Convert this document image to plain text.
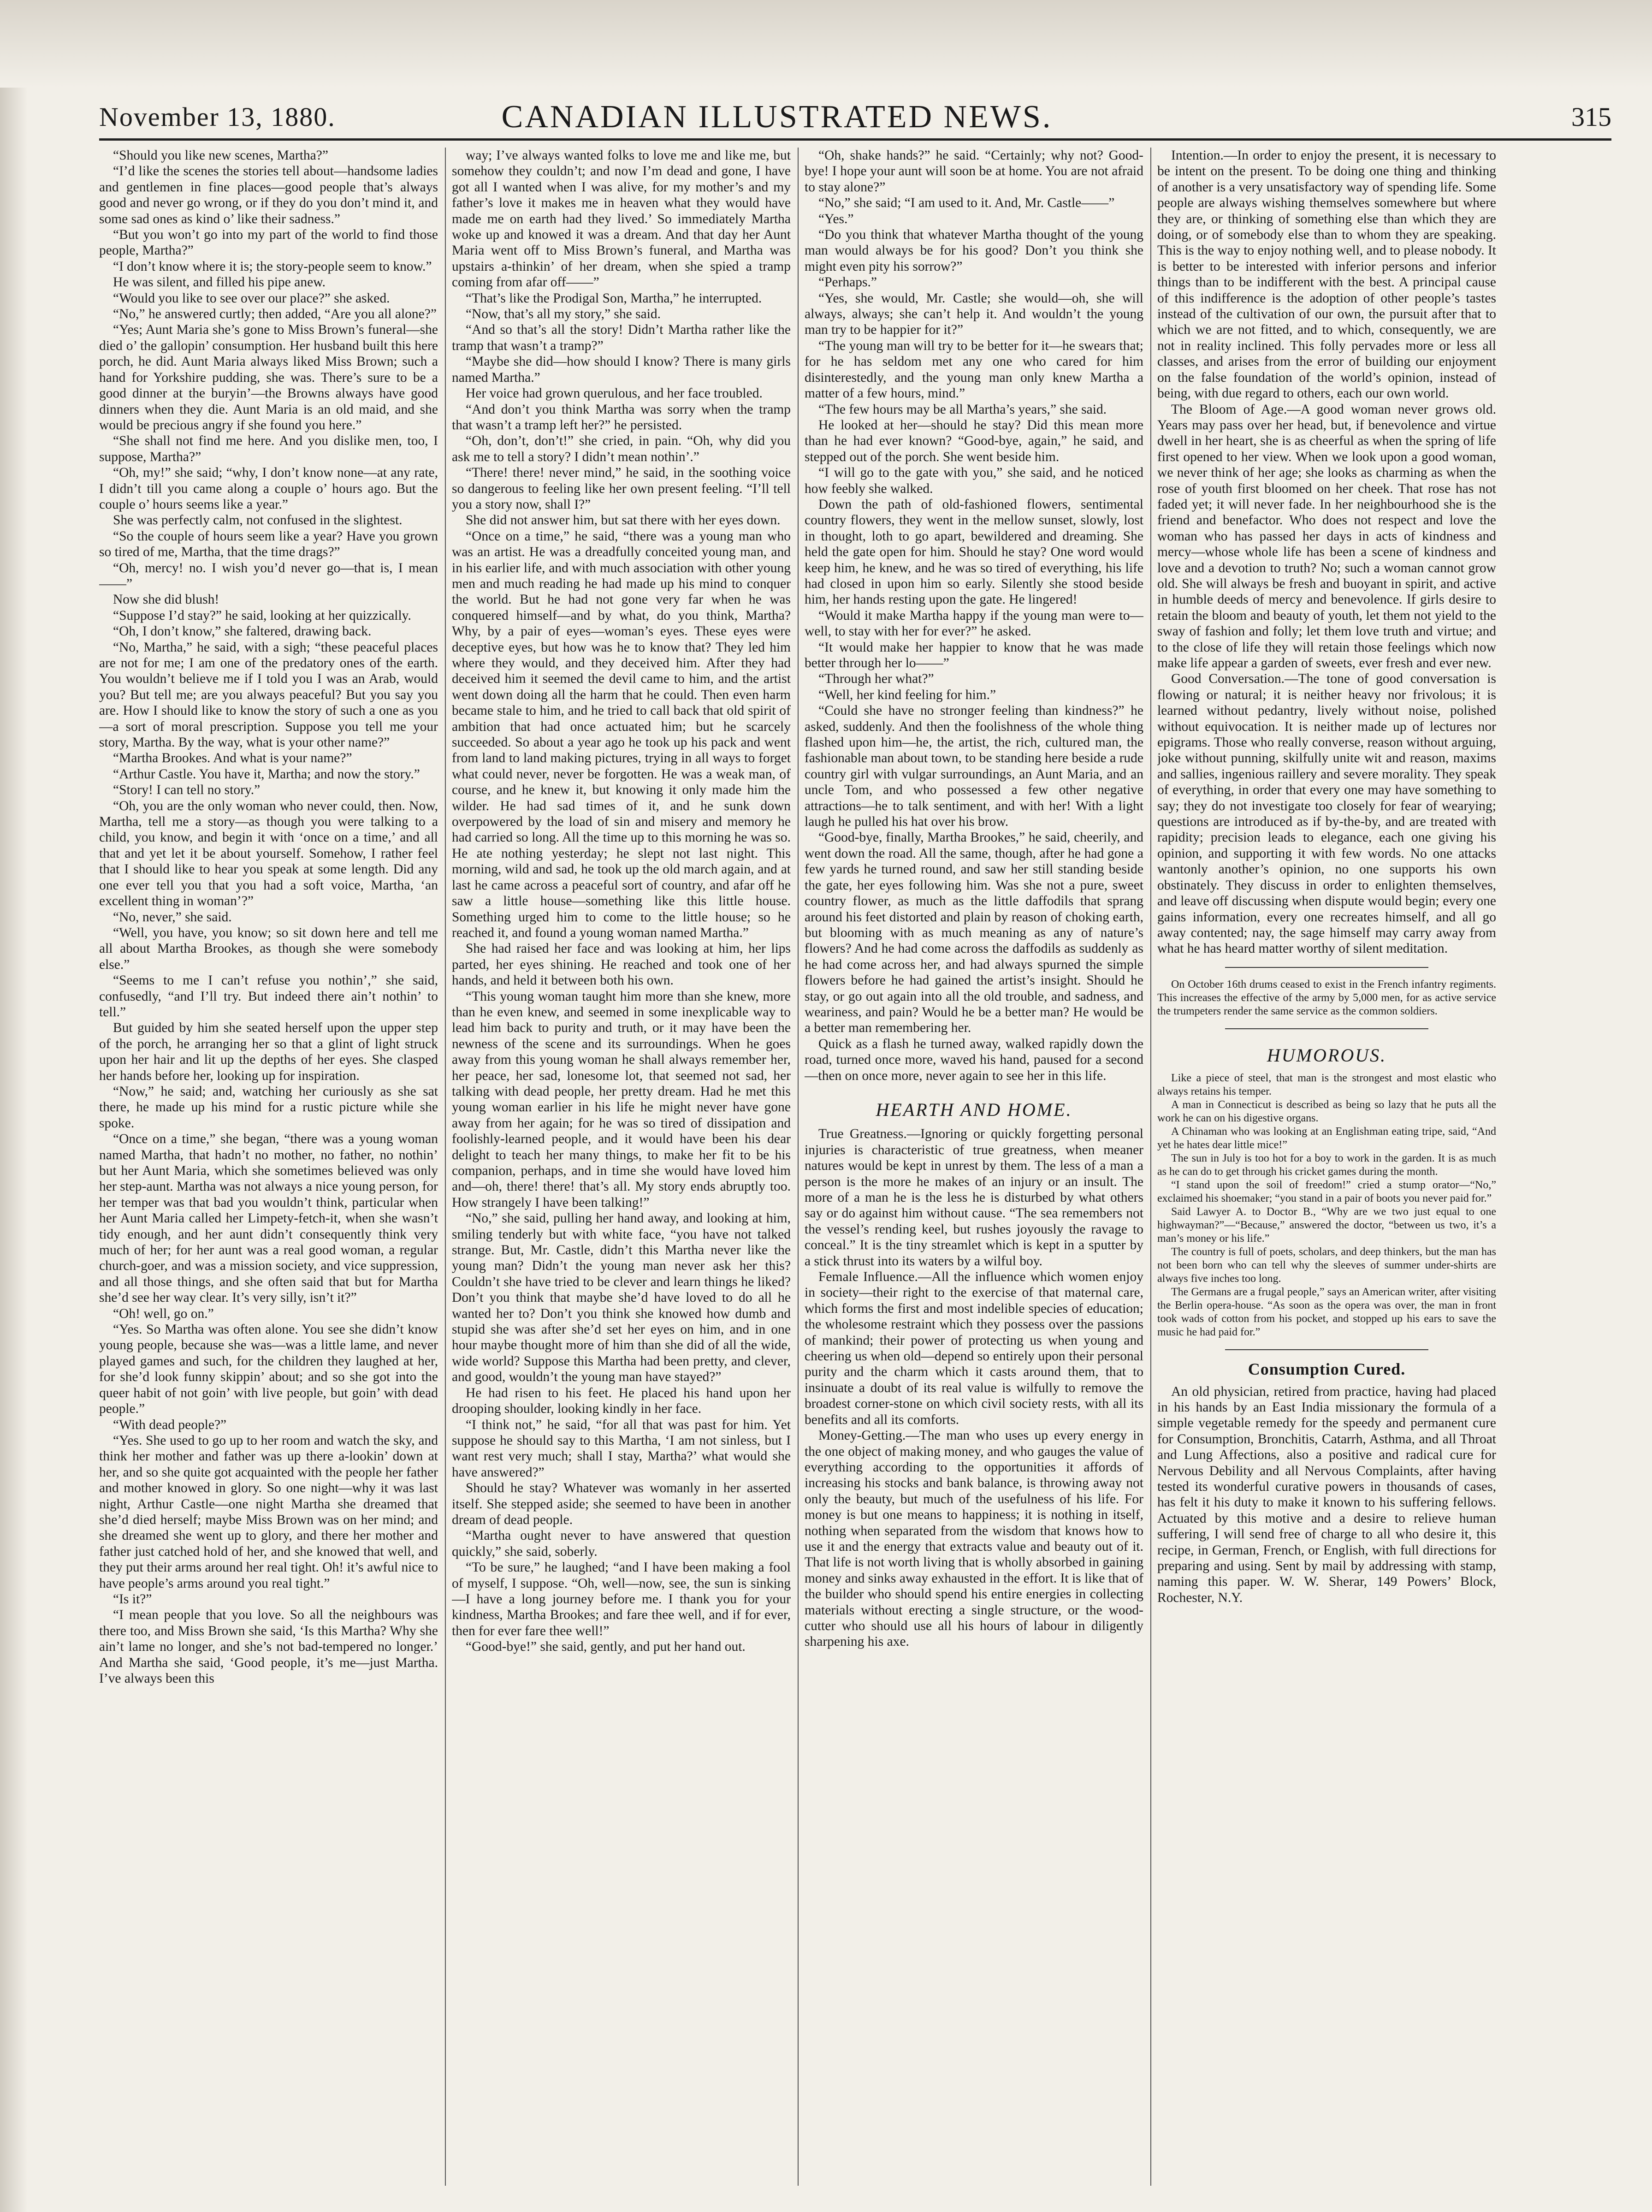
November 13, 1880.	CANADIAN ILLUSTRATED NEWS.	315

“Should you like new scenes, Martha?”

“I’d like the scenes the stories tell about—handsome ladies and gentlemen in fine places—good people that’s always good and never go wrong, or if they do you don’t mind it, and some sad ones as kind o’ like their sadness.”

“But you won’t go into my part of the world to find those people, Martha?”

“I don’t know where it is; the story-people seem to know.”

He was silent, and filled his pipe anew.

“Would you like to see over our place?” she asked.

“No,” he answered curtly; then added, “Are you all alone?”

“Yes; Aunt Maria she’s gone to Miss Brown’s funeral—she died o’ the gallopin’ consumption. Her husband built this here porch, he did. Aunt Maria always liked Miss Brown; such a hand for Yorkshire pudding, she was. There’s sure to be a good dinner at the buryin’—the Browns always have good dinners when they die. Aunt Maria is an old maid, and she would be precious angry if she found you here.”

“She shall not find me here. And you dislike men, too, I suppose, Martha?”

“Oh, my!” she said; “why, I don’t know none—at any rate, I didn’t till you came along a couple o’ hours ago. But the couple o’ hours seems like a year.”

She was perfectly calm, not confused in the slightest.

“So the couple of hours seem like a year? Have you grown so tired of me, Martha, that the time drags?”

“Oh, mercy! no. I wish you’d never go—that is, I mean——”

Now she did blush!

“Suppose I’d stay?” he said, looking at her quizzically.

“Oh, I don’t know,” she faltered, drawing back.

“No, Martha,” he said, with a sigh; “these peaceful places are not for me; I am one of the predatory ones of the earth. You wouldn’t believe me if I told you I was an Arab, would you? But tell me; are you always peaceful? But you say you are. How I should like to know the story of such a one as you—a sort of moral prescription. Suppose you tell me your story, Martha. By the way, what is your other name?”

“Martha Brookes. And what is your name?”

“Arthur Castle. You have it, Martha; and now the story.”

“Story! I can tell no story.”

“Oh, you are the only woman who never could, then. Now, Martha, tell me a story—as though you were talking to a child, you know, and begin it with ‘once on a time,’ and all that and yet let it be about yourself. Somehow, I rather feel that I should like to hear you speak at some length. Did any one ever tell you that you had a soft voice, Martha, ‘an excellent thing in woman’?”

“No, never,” she said.

“Well, you have, you know; so sit down here and tell me all about Martha Brookes, as though she were somebody else.”

“Seems to me I can’t refuse you nothin’,” she said, confusedly, “and I’ll try. But indeed there ain’t nothin’ to tell.”

But guided by him she seated herself upon the upper step of the porch, he arranging her so that a glint of light struck upon her hair and lit up the depths of her eyes. She clasped her hands before her, looking up for inspiration.

“Now,” he said; and, watching her curiously as she sat there, he made up his mind for a rustic picture while she spoke.

“Once on a time,” she began, “there was a young woman named Martha, that hadn’t no mother, no father, no nothin’ but her Aunt Maria, which she sometimes believed was only her step-aunt. Martha was not always a nice young person, for her temper was that bad you wouldn’t think, particular when her Aunt Maria called her Limpety-fetch-it, when she wasn’t tidy enough, and her aunt didn’t consequently think very much of her; for her aunt was a real good woman, a regular church-goer, and was a mission society, and vice suppression, and all those things, and she often said that but for Martha she’d see her way clear. It’s very silly, isn’t it?”

“Oh! well, go on.”

“Yes. So Martha was often alone. You see she didn’t know young people, because she was—was a little lame, and never played games and such, for the children they laughed at her, for she’d look funny skippin’ about; and so she got into the queer habit of not goin’ with live people, but goin’ with dead people.”

“With dead people?”

“Yes. She used to go up to her room and watch the sky, and think her mother and father was up there a-lookin’ down at her, and so she quite got acquainted with the people her father and mother knowed in glory. So one night—why it was last night, Arthur Castle—one night Martha she dreamed that she’d died herself; maybe Miss Brown was on her mind; and she dreamed she went up to glory, and there her mother and father just catched hold of her, and she knowed that well, and they put their arms around her real tight. Oh! it’s awful nice to have people’s arms around you real tight.”

“Is it?”

“I mean people that you love. So all the neighbours was there too, and Miss Brown she said, ‘Is this Martha? Why she ain’t lame no longer, and she’s not bad-tempered no longer.’ And Martha she said, ‘Good people, it’s me—just Martha. I’ve always been this

way; I’ve always wanted folks to love me and like me, but somehow they couldn’t; and now I’m dead and gone, I have got all I wanted when I was alive, for my mother’s and my father’s love it makes me in heaven what they would have made me on earth had they lived.’ So immediately Martha woke up and knowed it was a dream. And that day her Aunt Maria went off to Miss Brown’s funeral, and Martha was upstairs a-thinkin’ of her dream, when she spied a tramp coming from afar off——”

“That’s like the Prodigal Son, Martha,” he interrupted.

“Now, that’s all my story,” she said.

“And so that’s all the story! Didn’t Martha rather like the tramp that wasn’t a tramp?”

“Maybe she did—how should I know? There is many girls named Martha.”

Her voice had grown querulous, and her face troubled.

“And don’t you think Martha was sorry when the tramp that wasn’t a tramp left her?” he persisted.

“Oh, don’t, don’t!” she cried, in pain. “Oh, why did you ask me to tell a story? I didn’t mean nothin’.”

“There! there! never mind,” he said, in the soothing voice so dangerous to feeling like her own present feeling. “I’ll tell you a story now, shall I?”

She did not answer him, but sat there with her eyes down.

“Once on a time,” he said, “there was a young man who was an artist. He was a dreadfully conceited young man, and in his earlier life, and with much association with other young men and much reading he had made up his mind to conquer the world. But he had not gone very far when he was conquered himself—and by what, do you think, Martha? Why, by a pair of eyes—woman’s eyes. These eyes were deceptive eyes, but how was he to know that? They led him where they would, and they deceived him. After they had deceived him it seemed the devil came to him, and the artist went down doing all the harm that he could. Then even harm became stale to him, and he tried to call back that old spirit of ambition that had once actuated him; but he scarcely succeeded. So about a year ago he took up his pack and went from land to land making pictures, trying in all ways to forget what could never, never be forgotten. He was a weak man, of course, and he knew it, but knowing it only made him the wilder. He had sad times of it, and he sunk down overpowered by the load of sin and misery and memory he had carried so long. All the time up to this morning he was so. He ate nothing yesterday; he slept not last night. This morning, wild and sad, he took up the old march again, and at last he came across a peaceful sort of country, and afar off he saw a little house—something like this little house. Something urged him to come to the little house; so he reached it, and found a young woman named Martha.”

She had raised her face and was looking at him, her lips parted, her eyes shining. He reached and took one of her hands, and held it between both his own.

“This young woman taught him more than she knew, more than he even knew, and seemed in some inexplicable way to lead him back to purity and truth, or it may have been the newness of the scene and its surroundings. When he goes away from this young woman he shall always remember her, her peace, her sad, lonesome lot, that seemed not sad, her talking with dead people, her pretty dream. Had he met this young woman earlier in his life he might never have gone away from her again; for he was so tired of dissipation and foolishly-learned people, and it would have been his dear delight to teach her many things, to make her fit to be his companion, perhaps, and in time she would have loved him and—oh, there! there! that’s all. My story ends abruptly too. How strangely I have been talking!”

“No,” she said, pulling her hand away, and looking at him, smiling tenderly but with white face, “you have not talked strange. But, Mr. Castle, didn’t this Martha never like the young man? Didn’t the young man never ask her this? Couldn’t she have tried to be clever and learn things he liked? Don’t you think that maybe she’d have loved to do all he wanted her to? Don’t you think she knowed how dumb and stupid she was after she’d set her eyes on him, and in one hour maybe thought more of him than she did of all the wide, wide world? Suppose this Martha had been pretty, and clever, and good, wouldn’t the young man have stayed?”

He had risen to his feet. He placed his hand upon her drooping shoulder, looking kindly in her face.

“I think not,” he said, “for all that was past for him. Yet suppose he should say to this Martha, ‘I am not sinless, but I want rest very much; shall I stay, Martha?’ what would she have answered?”

Should he stay? Whatever was womanly in her asserted itself. She stepped aside; she seemed to have been in another dream of dead people.

“Martha ought never to have answered that question quickly,” she said, soberly.

“To be sure,” he laughed; “and I have been making a fool of myself, I suppose. “Oh, well—now, see, the sun is sinking—I have a long journey before me. I thank you for your kindness, Martha Brookes; and fare thee well, and if for ever, then for ever fare thee well!”

“Good-bye!” she said, gently, and put her hand out.

“Oh, shake hands?” he said. “Certainly; why not? Good-bye! I hope your aunt will soon be at home. You are not afraid to stay alone?”

“No,” she said; “I am used to it. And, Mr. Castle——”

“Yes.”

“Do you think that whatever Martha thought of the young man would always be for his good? Don’t you think she might even pity his sorrow?”

“Perhaps.”

“Yes, she would, Mr. Castle; she would—oh, she will always, always; she can’t help it. And wouldn’t the young man try to be happier for it?”

“The young man will try to be better for it—he swears that; for he has seldom met any one who cared for him disinterestedly, and the young man only knew Martha a matter of a few hours, mind.”

“The few hours may be all Martha’s years,” she said.

He looked at her—should he stay? Did this mean more than he had ever known? “Good-bye, again,” he said, and stepped out of the porch. She went beside him.

“I will go to the gate with you,” she said, and he noticed how feebly she walked.

Down the path of old-fashioned flowers, sentimental country flowers, they went in the mellow sunset, slowly, lost in thought, loth to go apart, bewildered and dreaming. She held the gate open for him. Should he stay? One word would keep him, he knew, and he was so tired of everything, his life had closed in upon him so early. Silently she stood beside him, her hands resting upon the gate. He lingered!

“Would it make Martha happy if the young man were to—well, to stay with her for ever?” he asked.

“It would make her happier to know that he was made better through her lo——”

“Through her what?”

“Well, her kind feeling for him.”

“Could she have no stronger feeling than kindness?” he asked, suddenly. And then the foolishness of the whole thing flashed upon him—he, the artist, the rich, cultured man, the fashionable man about town, to be standing here beside a rude country girl with vulgar surroundings, an Aunt Maria, and an uncle Tom, and who possessed a few other negative attractions—he to talk sentiment, and with her! With a light laugh he pulled his hat over his brow.

“Good-bye, finally, Martha Brookes,” he said, cheerily, and went down the road. All the same, though, after he had gone a few yards he turned round, and saw her still standing beside the gate, her eyes following him. Was she not a pure, sweet country flower, as much as the little daffodils that sprang around his feet distorted and plain by reason of choking earth, but blooming with as much meaning as any of nature’s flowers? And he had come across the daffodils as suddenly as he had come across her, and had always spurned the simple flowers before he had gained the artist’s insight. Should he stay, or go out again into all the old trouble, and sadness, and weariness, and pain? Would he be a better man? He would be a better man remembering her.

Quick as a flash he turned away, walked rapidly down the road, turned once more, waved his hand, paused for a second—then on once more, never again to see her in this life.

HEARTH AND HOME.

True Greatness.—Ignoring or quickly forgetting personal injuries is characteristic of true greatness, when meaner natures would be kept in unrest by them. The less of a man a person is the more he makes of an injury or an insult. The more of a man he is the less he is disturbed by what others say or do against him without cause. “The sea remembers not the vessel’s rending keel, but rushes joyously the ravage to conceal.” It is the tiny streamlet which is kept in a sputter by a stick thrust into its waters by a wilful boy.

Female Influence.—All the influence which women enjoy in society—their right to the exercise of that maternal care, which forms the first and most indelible species of education; the wholesome restraint which they possess over the passions of mankind; their power of protecting us when young and cheering us when old—depend so entirely upon their personal purity and the charm which it casts around them, that to insinuate a doubt of its real value is wilfully to remove the broadest corner-stone on which civil society rests, with all its benefits and all its comforts.

Money-Getting.—The man who uses up every energy in the one object of making money, and who gauges the value of everything according to the opportunities it affords of increasing his stocks and bank balance, is throwing away not only the beauty, but much of the usefulness of his life. For money is but one means to happiness; it is nothing in itself, nothing when separated from the wisdom that knows how to use it and the energy that extracts value and beauty out of it. That life is not worth living that is wholly absorbed in gaining money and sinks away exhausted in the effort. It is like that of the builder who should spend his entire energies in collecting materials without erecting a single structure, or the wood-cutter who should use all his hours of labour in diligently sharpening his axe.

Intention.—In order to enjoy the present, it is necessary to be intent on the present. To be doing one thing and thinking of another is a very unsatisfactory way of spending life. Some people are always wishing themselves somewhere but where they are, or thinking of something else than which they are doing, or of somebody else than to whom they are speaking. This is the way to enjoy nothing well, and to please nobody. It is better to be interested with inferior persons and inferior things than to be indifferent with the best. A principal cause of this indifference is the adoption of other people’s tastes instead of the cultivation of our own, the pursuit after that to which we are not fitted, and to which, consequently, we are not in reality inclined. This folly pervades more or less all classes, and arises from the error of building our enjoyment on the false foundation of the world’s opinion, instead of being, with due regard to others, each our own world.

The Bloom of Age.—A good woman never grows old. Years may pass over her head, but, if benevolence and virtue dwell in her heart, she is as cheerful as when the spring of life first opened to her view. When we look upon a good woman, we never think of her age; she looks as charming as when the rose of youth first bloomed on her cheek. That rose has not faded yet; it will never fade. In her neighbourhood she is the friend and benefactor. Who does not respect and love the woman who has passed her days in acts of kindness and mercy—whose whole life has been a scene of kindness and love and a devotion to truth? No; such a woman cannot grow old. She will always be fresh and buoyant in spirit, and active in humble deeds of mercy and benevolence. If girls desire to retain the bloom and beauty of youth, let them not yield to the sway of fashion and folly; let them love truth and virtue; and to the close of life they will retain those feelings which now make life appear a garden of sweets, ever fresh and ever new.

Good Conversation.—The tone of good conversation is flowing or natural; it is neither heavy nor frivolous; it is learned without pedantry, lively without noise, polished without equivocation. It is neither made up of lectures nor epigrams. Those who really converse, reason without arguing, joke without punning, skilfully unite wit and reason, maxims and sallies, ingenious raillery and severe morality. They speak of everything, in order that every one may have something to say; they do not investigate too closely for fear of wearying; questions are introduced as if by-the-by, and are treated with rapidity; precision leads to elegance, each one giving his opinion, and supporting it with few words. No one attacks wantonly another’s opinion, no one supports his own obstinately. They discuss in order to enlighten themselves, and leave off discussing when dispute would begin; every one gains information, every one recreates himself, and all go away contented; nay, the sage himself may carry away from what he has heard matter worthy of silent meditation.

On October 16th drums ceased to exist in the French infantry regiments. This increases the effective of the army by 5,000 men, for as active service the trumpeters render the same service as the common soldiers.

HUMOROUS.

Like a piece of steel, that man is the strongest and most elastic who always retains his temper.

A man in Connecticut is described as being so lazy that he puts all the work he can on his digestive organs.

A Chinaman who was looking at an Englishman eating tripe, said, “And yet he hates dear little mice!”

The sun in July is too hot for a boy to work in the garden. It is as much as he can do to get through his cricket games during the month.

“I stand upon the soil of freedom!” cried a stump orator—“No,” exclaimed his shoemaker; “you stand in a pair of boots you never paid for.”

Said Lawyer A. to Doctor B., “Why are we two just equal to one highwayman?”—“Because,” answered the doctor, “between us two, it’s a man’s money or his life.”

The country is full of poets, scholars, and deep thinkers, but the man has not been born who can tell why the sleeves of summer under-shirts are always five inches too long.

The Germans are a frugal people,” says an American writer, after visiting the Berlin opera-house. “As soon as the opera was over, the man in front took wads of cotton from his pocket, and stopped up his ears to save the music he had paid for.”

Consumption Cured.

An old physician, retired from practice, having had placed in his hands by an East India missionary the formula of a simple vegetable remedy for the speedy and permanent cure for Consumption, Bronchitis, Catarrh, Asthma, and all Throat and Lung Affections, also a positive and radical cure for Nervous Debility and all Nervous Complaints, after having tested its wonderful curative powers in thousands of cases, has felt it his duty to make it known to his suffering fellows. Actuated by this motive and a desire to relieve human suffering, I will send free of charge to all who desire it, this recipe, in German, French, or English, with full directions for preparing and using. Sent by mail by addressing with stamp, naming this paper. W. W. Sherar, 149 Powers’ Block, Rochester, N.Y.
